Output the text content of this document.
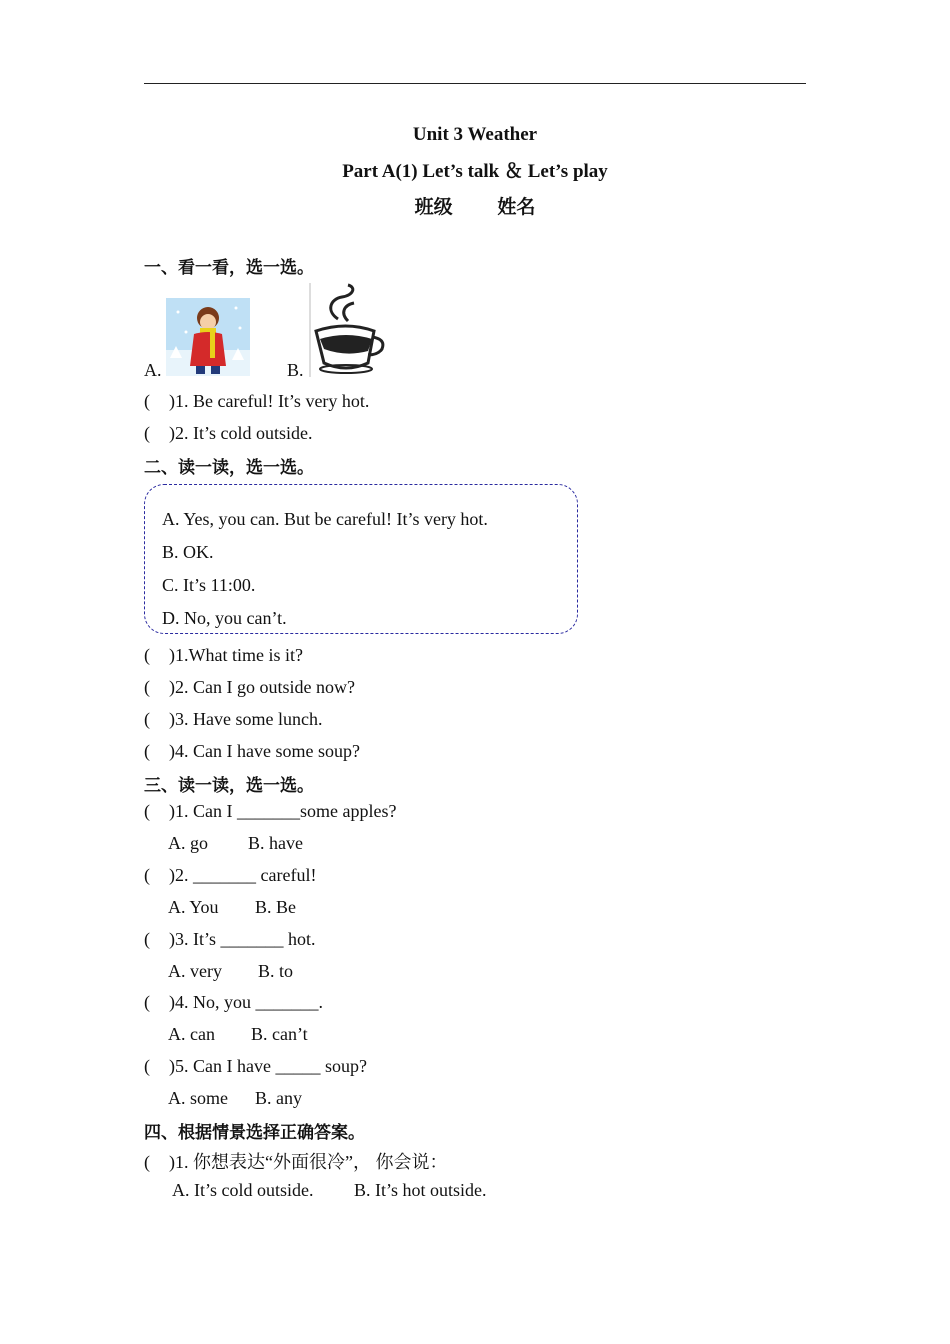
Unit 3 Weather
Part A(1) Let’s talk ＆ Let’s play
班级 姓名
一、看一看，选一选。
A.	B.
( )1. Be careful! It’s very hot.
( )2. It’s cold outside.
二、读一读，选一选。
A. Yes, you can. But be careful! It’s very hot.
B. OK.
C. It’s 11:00.
D. No, you can’t.
( )1.What time is it?
( )2. Can I go outside now?
( )3. Have some lunch.
( )4. Can I have some soup?
三、读一读，选一选。
( )1. Can I _______some apples?
A. go B. have
( )2. _______ careful!
A. You B. Be
( )3. It’s _______ hot.
A. very B. to
( )4. No, you _______.
A. can B. can’t
( )5. Can I have _____ soup?
A. some B. any
四、根据情景选择正确答案。
( )1. 你想表达“外面很冷”， 你会说：
A. It’s cold outside. B. It’s hot outside.
